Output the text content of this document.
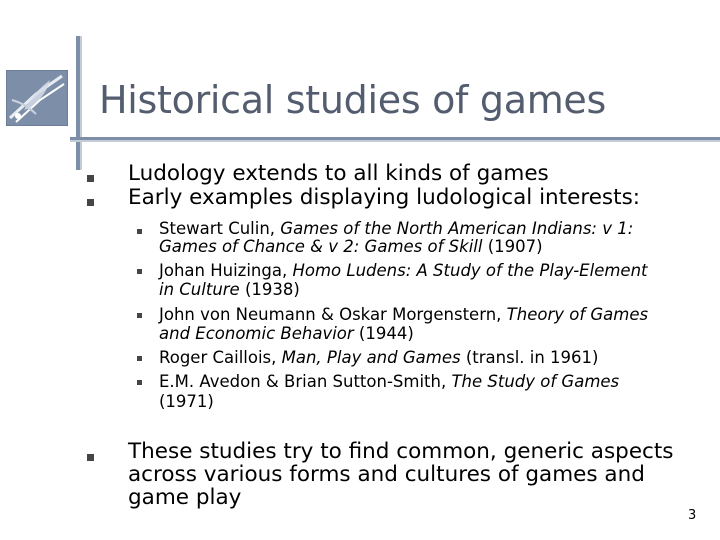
Historical studies of games
Ludology extends to all kinds of games
Early examples displaying ludological interests:
Stewart Culin, Games of the North American Indians: v 1:
Games of Chance & v 2: Games of Skill (1907)
Johan Huizinga, Homo Ludens: A Study of the Play-Element
in Culture (1938)
John von Neumann & Oskar Morgenstern, Theory of Games
and Economic Behavior (1944)
Roger Caillois, Man, Play and Games (transl. in 1961)
E.M. Avedon & Brian Sutton-Smith, The Study of Games
(1971)
These studies try to find common, generic aspects
across various forms and cultures of games and
game play
3
